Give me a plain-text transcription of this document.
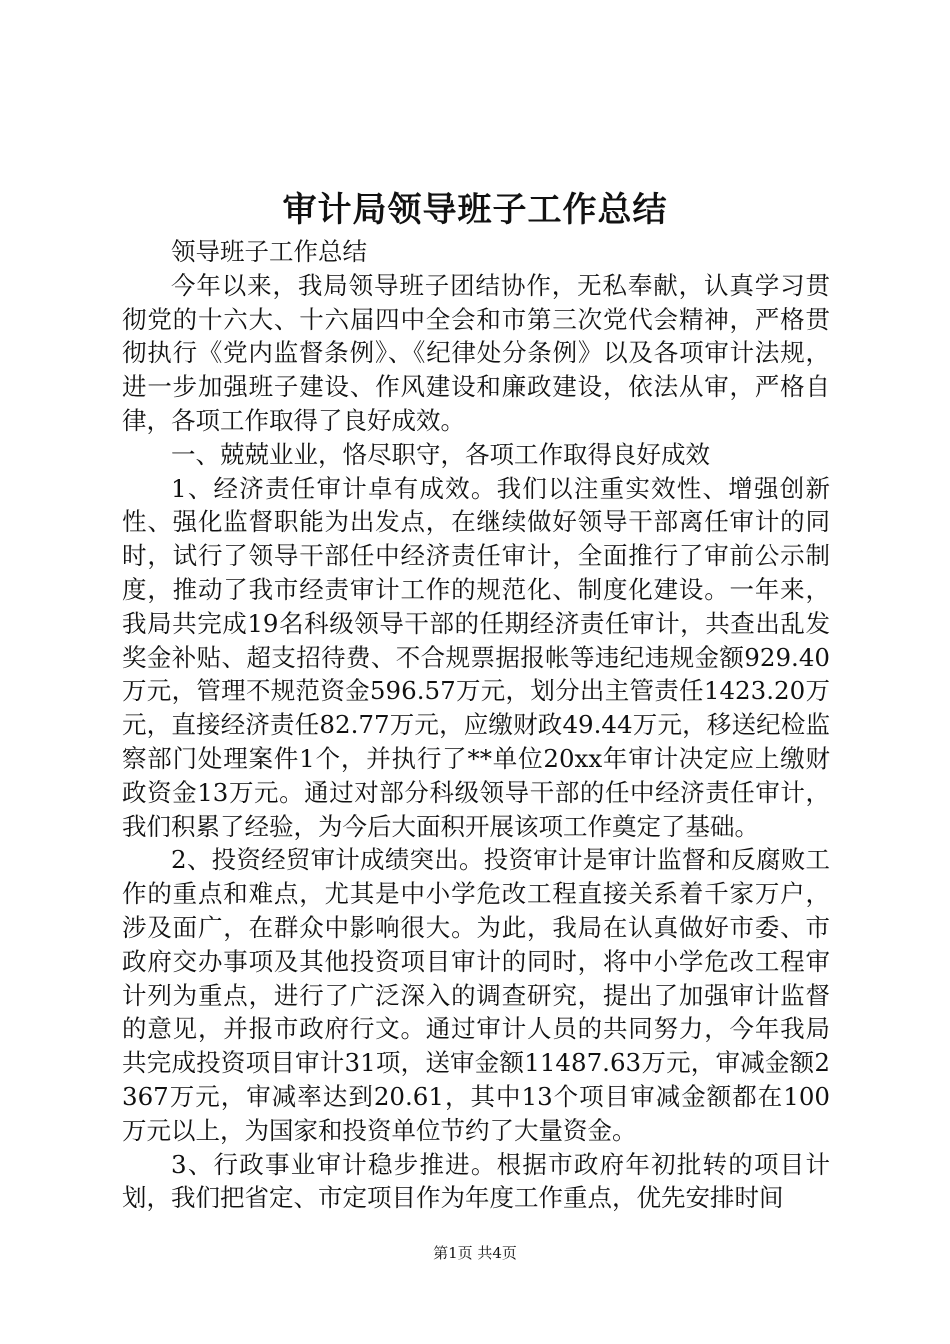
审计局领导班子工作总结

领导班子工作总结

今年以来，我局领导班子团结协作，无私奉献，认真学习贯彻党的十六大、十六届四中全会和市第三次党代会精神，严格贯彻执行《党内监督条例》、《纪律处分条例》以及各项审计法规，进一步加强班子建设、作风建设和廉政建设，依法从审，严格自律，各项工作取得了良好成效。

一、兢兢业业，恪尽职守，各项工作取得良好成效

1、经济责任审计卓有成效。我们以注重实效性、增强创新性、强化监督职能为出发点，在继续做好领导干部离任审计的同时，试行了领导干部任中经济责任审计，全面推行了审前公示制度，推动了我市经责审计工作的规范化、制度化建设。一年来，我局共完成19名科级领导干部的任期经济责任审计，共查出乱发奖金补贴、超支招待费、不合规票据报帐等违纪违规金额929.40万元，管理不规范资金596.57万元，划分出主管责任1423.20万元，直接经济责任82.77万元，应缴财政49.44万元，移送纪检监察部门处理案件1个，并执行了**单位20xx年审计决定应上缴财政资金13万元。通过对部分科级领导干部的任中经济责任审计，我们积累了经验，为今后大面积开展该项工作奠定了基础。

2、投资经贸审计成绩突出。投资审计是审计监督和反腐败工作的重点和难点，尤其是中小学危改工程直接关系着千家万户，涉及面广，在群众中影响很大。为此，我局在认真做好市委、市政府交办事项及其他投资项目审计的同时，将中小学危改工程审计列为重点，进行了广泛深入的调查研究，提出了加强审计监督的意见，并报市政府行文。通过审计人员的共同努力，今年我局共完成投资项目审计31项，送审金额11487.63万元，审减金额2367万元，审减率达到20.61，其中13个项目审减金额都在100万元以上，为国家和投资单位节约了大量资金。

3、行政事业审计稳步推进。根据市政府年初批转的项目计划，我们把省定、市定项目作为年度工作重点，优先安排时间

第1页 共4页
